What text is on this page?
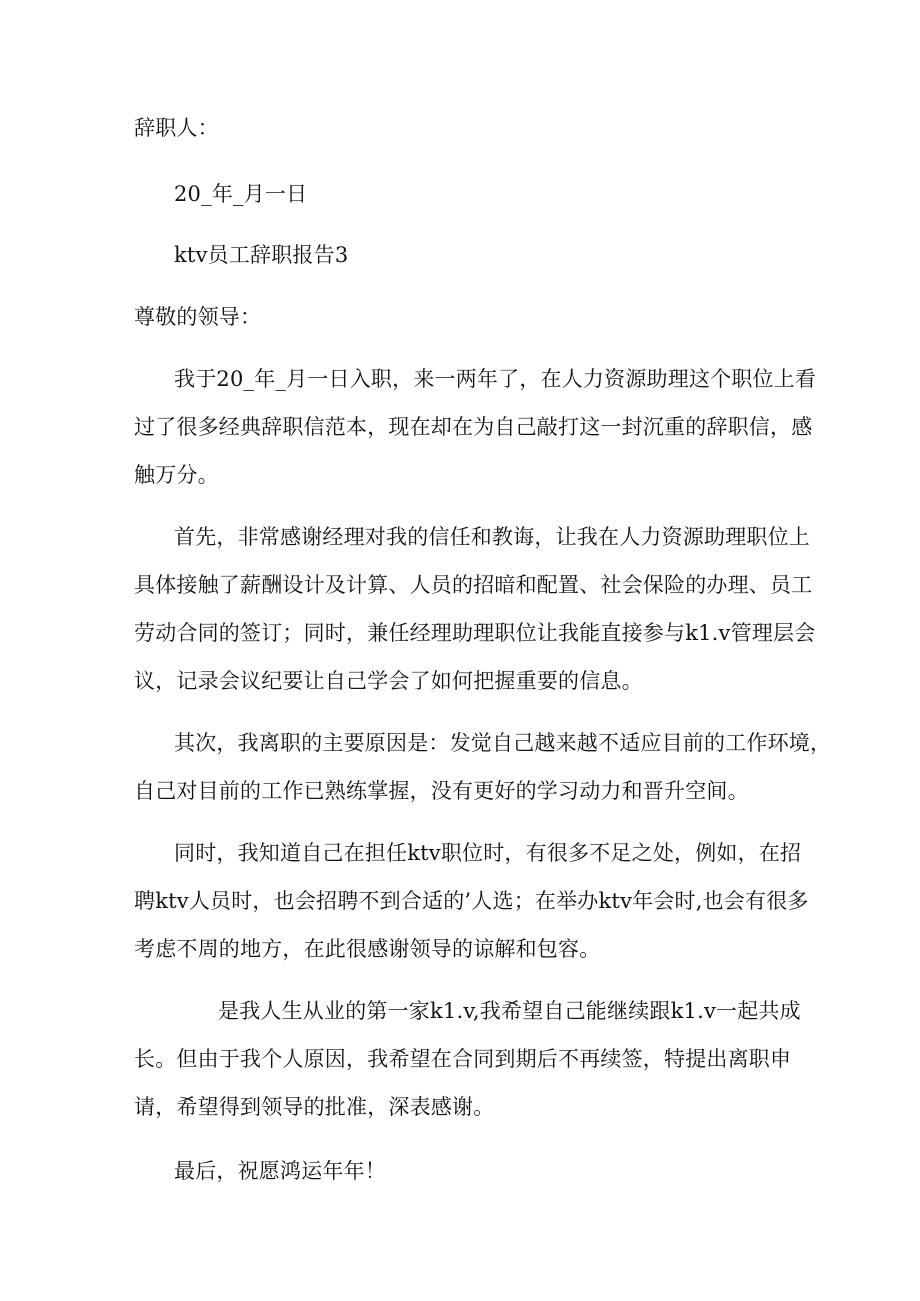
辞职人：
20_年_月一日
ktv员工辞职报告3
尊敬的领导：
我于20_年_月一日入职，来一两年了，在人力资源助理这个职位上看
过了很多经典辞职信范本，现在却在为自己敲打这一封沉重的辞职信，感
触万分。
首先，非常感谢经理对我的信任和教诲，让我在人力资源助理职位上
具体接触了薪酬设计及计算、人员的招暗和配置、社会保险的办理、员工
劳动合同的签订；同时，兼任经理助理职位让我能直接参与k1.v管理层会
议，记录会议纪要让自己学会了如何把握重要的信息。
其次，我离职的主要原因是：发觉自己越来越不适应目前的工作环境，
自己对目前的工作已熟练掌握，没有更好的学习动力和晋升空间。
同时，我知道自己在担任ktv职位时，有很多不足之处，例如，在招
聘ktv人员时，也会招聘不到合适的’人选；在举办ktv年会时,也会有很多
考虑不周的地方，在此很感谢领导的谅解和包容。
是我人生从业的第一家k1.v,我希望自己能继续跟k1.v一起共成
长。但由于我个人原因，我希望在合同到期后不再续签，特提出离职申
请，希望得到领导的批准，深表感谢。
最后，祝愿鸿运年年！
